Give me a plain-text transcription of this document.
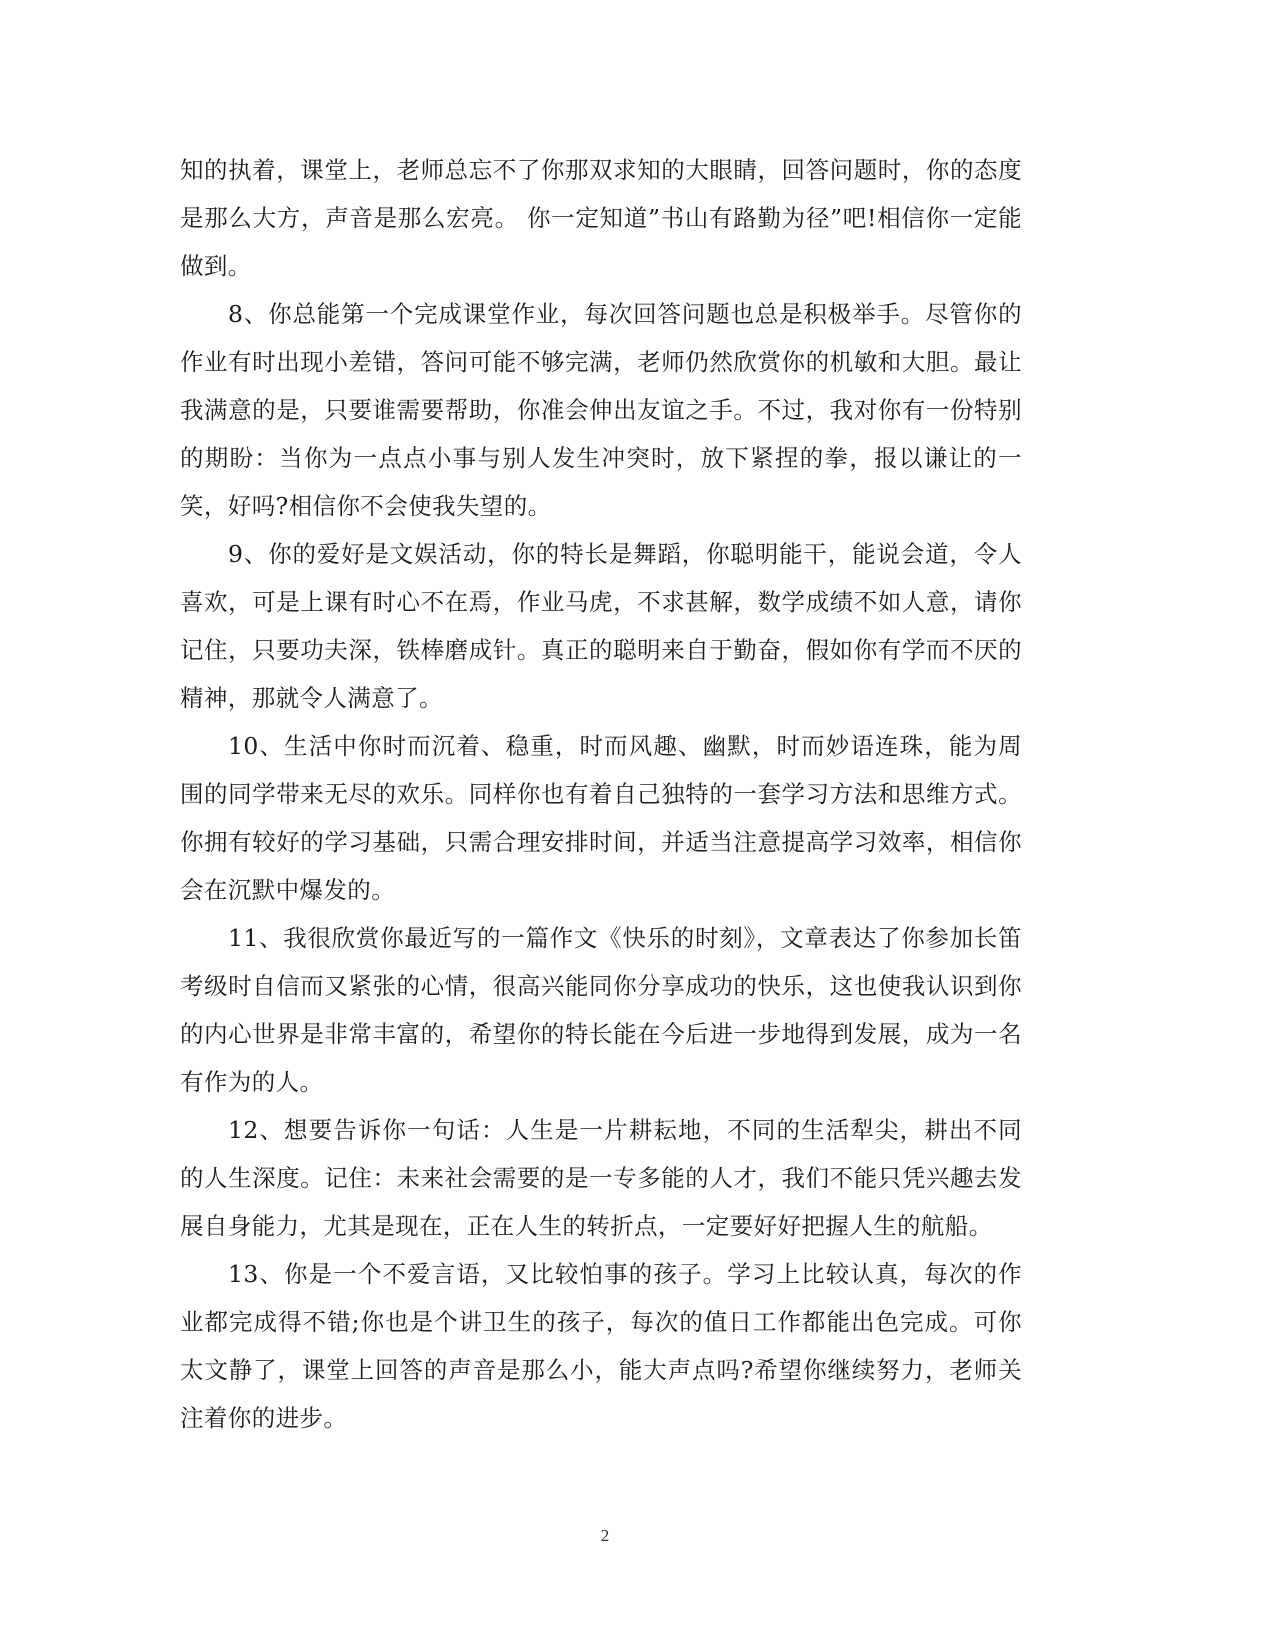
知的执着，课堂上，老师总忘不了你那双求知的大眼睛，回答问题时，你的态度是那么大方，声音是那么宏亮。 你一定知道”书山有路勤为径”吧!相信你一定能做到。

8、你总能第一个完成课堂作业，每次回答问题也总是积极举手。尽管你的作业有时出现小差错，答问可能不够完满，老师仍然欣赏你的机敏和大胆。最让我满意的是，只要谁需要帮助，你准会伸出友谊之手。不过，我对你有一份特别的期盼：当你为一点点小事与别人发生冲突时，放下紧捏的拳，报以谦让的一笑，好吗?相信你不会使我失望的。

9、你的爱好是文娱活动，你的特长是舞蹈，你聪明能干，能说会道，令人喜欢，可是上课有时心不在焉，作业马虎，不求甚解，数学成绩不如人意，请你记住，只要功夫深，铁棒磨成针。真正的聪明来自于勤奋，假如你有学而不厌的精神，那就令人满意了。

10、生活中你时而沉着、稳重，时而风趣、幽默，时而妙语连珠，能为周围的同学带来无尽的欢乐。同样你也有着自己独特的一套学习方法和思维方式。你拥有较好的学习基础，只需合理安排时间，并适当注意提高学习效率，相信你会在沉默中爆发的。

11、我很欣赏你最近写的一篇作文《快乐的时刻》，文章表达了你参加长笛考级时自信而又紧张的心情，很高兴能同你分享成功的快乐，这也使我认识到你的内心世界是非常丰富的，希望你的特长能在今后进一步地得到发展，成为一名有作为的人。

12、想要告诉你一句话：人生是一片耕耘地，不同的生活犁尖，耕出不同的人生深度。记住：未来社会需要的是一专多能的人才，我们不能只凭兴趣去发展自身能力，尤其是现在，正在人生的转折点，一定要好好把握人生的航船。

13、你是一个不爱言语，又比较怕事的孩子。学习上比较认真，每次的作业都完成得不错;你也是个讲卫生的孩子，每次的值日工作都能出色完成。可你太文静了，课堂上回答的声音是那么小，能大声点吗?希望你继续努力，老师关注着你的进步。

2
